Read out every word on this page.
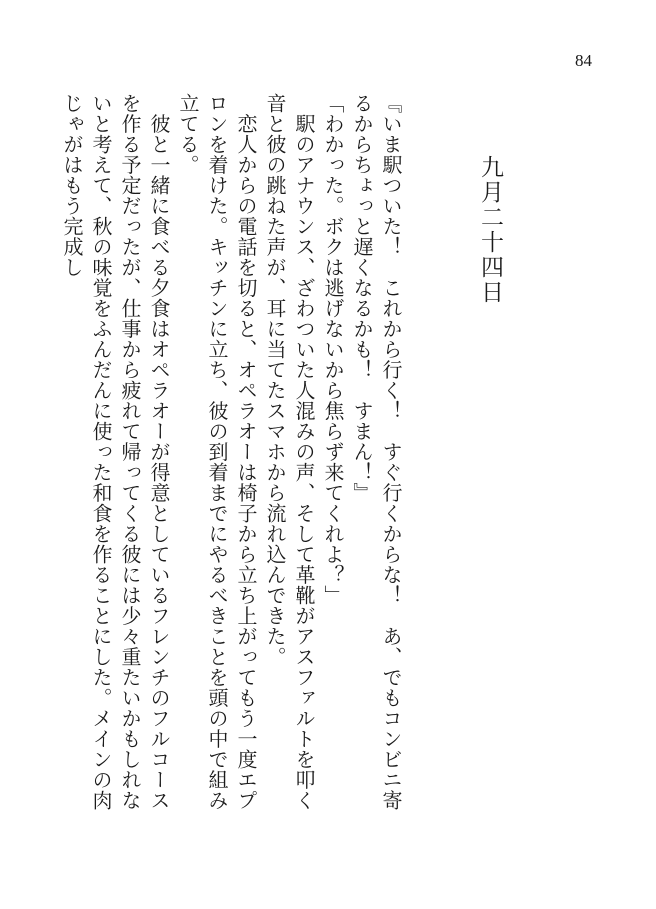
84
九月二十四日

『いま駅ついた！　これから行く！　すぐ行くからな！　あ、でもコンビニ寄るからちょっと遅くなるかも！　すまん！』

「わかった。ボクは逃げないから焦らず来てくれよ？」

　駅のアナウンス、ざわついた人混みの声、そして革靴がアスファルトを叩く音と彼の跳ねた声が、耳に当てたスマホから流れ込んできた。

　恋人からの電話を切ると、オペラオーは椅子から立ち上がってもう一度エプロンを着けた。キッチンに立ち、彼の到着までにやるべきことを頭の中で組み立てる。

　彼と一緒に食べる夕食はオペラオーが得意としているフレンチのフルコースを作る予定だったが、仕事から疲れて帰ってくる彼には少々重たいかもしれないと考えて、秋の味覚をふんだんに使った和食を作ることにした。メインの肉じゃがはもう完成し
